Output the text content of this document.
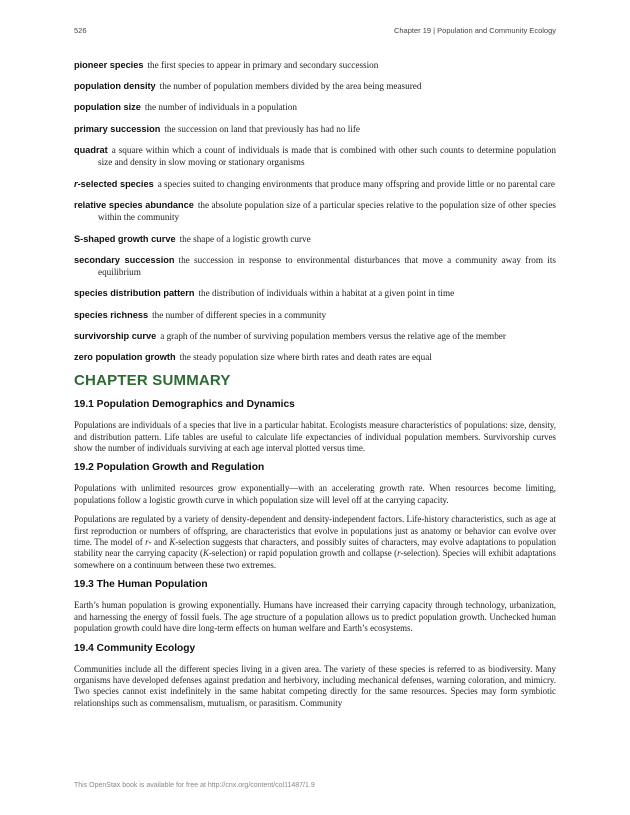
526	Chapter 19 | Population and Community Ecology

pioneer species the first species to appear in primary and secondary succession

population density the number of population members divided by the area being measured

population size the number of individuals in a population

primary succession the succession on land that previously has had no life

quadrat a square within which a count of individuals is made that is combined with other such counts to determine population size and density in slow moving or stationary organisms

r-selected species a species suited to changing environments that produce many offspring and provide little or no parental care

relative species abundance the absolute population size of a particular species relative to the population size of other species within the community

S-shaped growth curve the shape of a logistic growth curve

secondary succession the succession in response to environmental disturbances that move a community away from its equilibrium

species distribution pattern the distribution of individuals within a habitat at a given point in time

species richness the number of different species in a community

survivorship curve a graph of the number of surviving population members versus the relative age of the member

zero population growth the steady population size where birth rates and death rates are equal

CHAPTER SUMMARY
19.1 Population Demographics and Dynamics

Populations are individuals of a species that live in a particular habitat. Ecologists measure characteristics of populations: size, density, and distribution pattern. Life tables are useful to calculate life expectancies of individual population members. Survivorship curves show the number of individuals surviving at each age interval plotted versus time.

19.2 Population Growth and Regulation

Populations with unlimited resources grow exponentially—with an accelerating growth rate. When resources become limiting, populations follow a logistic growth curve in which population size will level off at the carrying capacity.

Populations are regulated by a variety of density-dependent and density-independent factors. Life-history characteristics, such as age at first reproduction or numbers of offspring, are characteristics that evolve in populations just as anatomy or behavior can evolve over time. The model of r- and K-selection suggests that characters, and possibly suites of characters, may evolve adaptations to population stability near the carrying capacity (K-selection) or rapid population growth and collapse (r-selection). Species will exhibit adaptations somewhere on a continuum between these two extremes.

19.3 The Human Population

Earth’s human population is growing exponentially. Humans have increased their carrying capacity through technology, urbanization, and harnessing the energy of fossil fuels. The age structure of a population allows us to predict population growth. Unchecked human population growth could have dire long-term effects on human welfare and Earth’s ecosystems.

19.4 Community Ecology

Communities include all the different species living in a given area. The variety of these species is referred to as biodiversity. Many organisms have developed defenses against predation and herbivory, including mechanical defenses, warning coloration, and mimicry. Two species cannot exist indefinitely in the same habitat competing directly for the same resources. Species may form symbiotic relationships such as commensalism, mutualism, or parasitism. Community

This OpenStax book is available for free at http://cnx.org/content/col11487/1.9
